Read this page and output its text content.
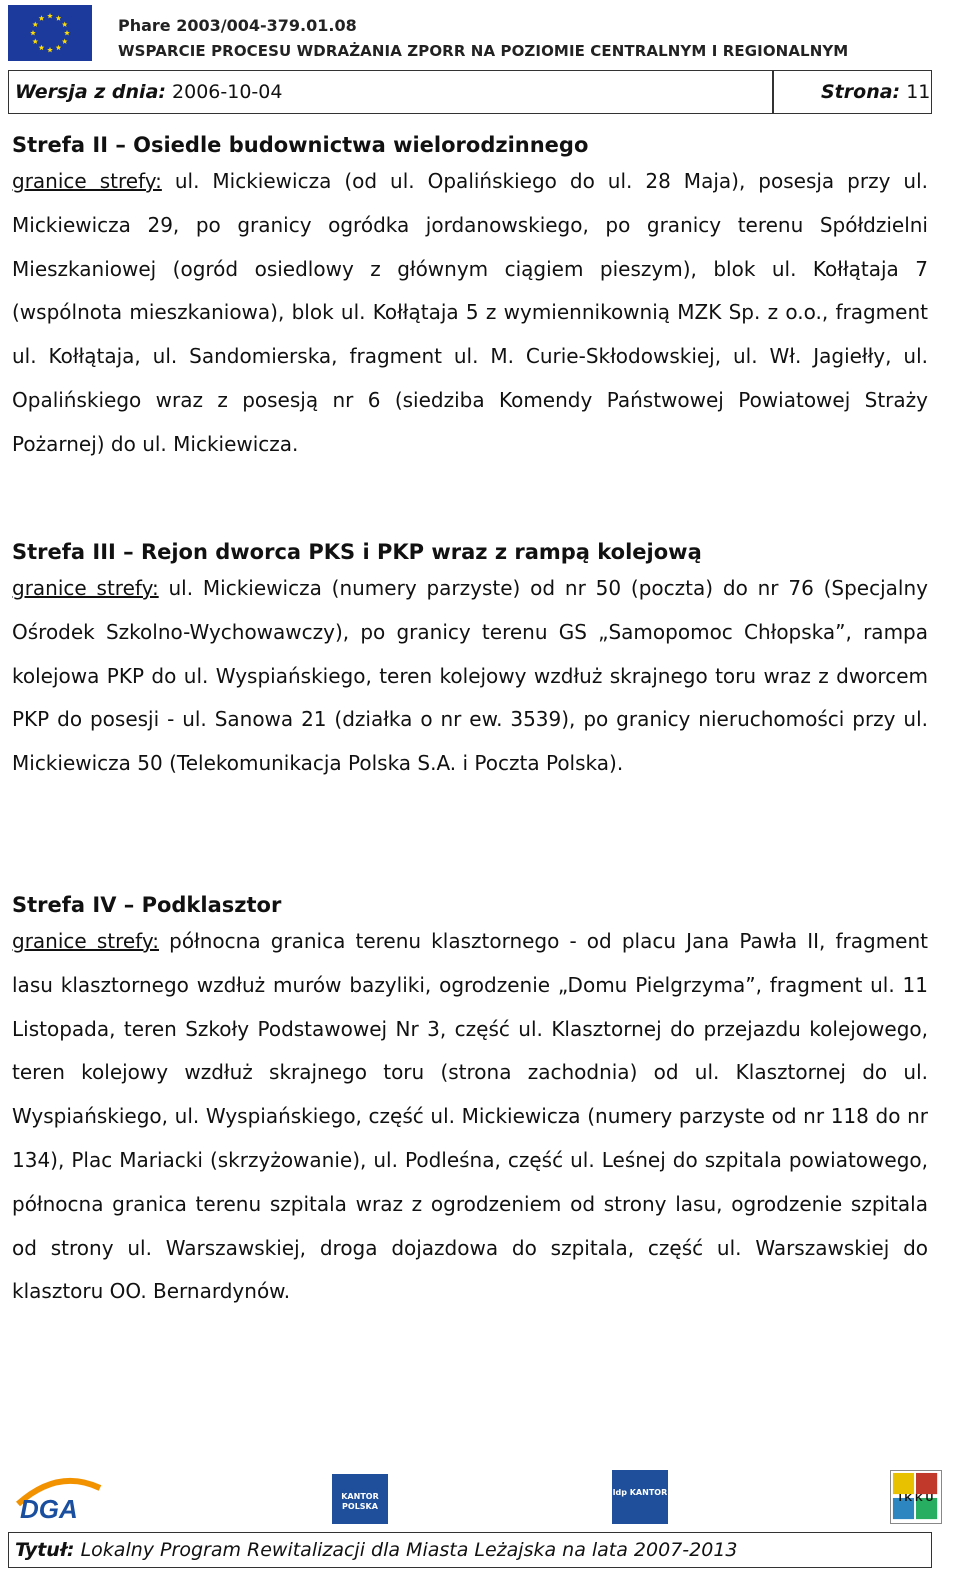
Phare 2003/004-379.01.08
WSPARCIE PROCESU WDRAŻANIA ZPORR NA POZIOMIE CENTRALNYM I REGIONALNYM
Wersja z dnia: 2006-10-04	Strona: 11
Strefa II – Osiedle budownictwa wielorodzinnego

granice strefy: ul. Mickiewicza (od ul. Opalińskiego do ul. 28 Maja), posesja przy ul. Mickiewicza 29, po granicy ogródka jordanowskiego, po granicy terenu Spółdzielni Mieszkaniowej (ogród osiedlowy z głównym ciągiem pieszym), blok ul. Kołłątaja 7 (wspólnota mieszkaniowa), blok ul. Kołłątaja 5 z wymiennikownią MZK Sp. z o.o., fragment ul. Kołłątaja, ul. Sandomierska, fragment ul. M. Curie-Skłodowskiej, ul. Wł. Jagiełły, ul. Opalińskiego wraz z posesją nr 6 (siedziba Komendy Państwowej Powiatowej Straży Pożarnej) do ul. Mickiewicza.

Strefa III – Rejon dworca PKS i PKP wraz z rampą kolejową

granice strefy: ul. Mickiewicza (numery parzyste) od nr 50 (poczta) do nr 76 (Specjalny Ośrodek Szkolno-Wychowawczy), po granicy terenu GS „Samopomoc Chłopska”, rampa kolejowa PKP do ul. Wyspiańskiego, teren kolejowy wzdłuż skrajnego toru wraz z dworcem PKP do posesji - ul. Sanowa 21 (działka o nr ew. 3539), po granicy nieruchomości przy ul. Mickiewicza 50 (Telekomunikacja Polska S.A. i Poczta Polska).

Strefa IV – Podklasztor

granice strefy: północna granica terenu klasztornego - od placu Jana Pawła II, fragment lasu klasztornego wzdłuż murów bazyliki, ogrodzenie „Domu Pielgrzyma”, fragment ul. 11 Listopada, teren Szkoły Podstawowej Nr 3, część ul. Klasztornej do przejazdu kolejowego, teren kolejowy wzdłuż skrajnego toru (strona zachodnia) od ul. Klasztornej do ul. Wyspiańskiego, ul. Wyspiańskiego, część ul. Mickiewicza (numery parzyste od nr 118 do nr 134), Plac Mariacki (skrzyżowanie), ul. Podleśna, część ul. Leśnej do szpitala powiatowego, północna granica terenu szpitala wraz z ogrodzeniem od strony lasu, ogrodzenie szpitala od strony ul. Warszawskiej, droga dojazdowa do szpitala, część ul. Warszawskiej do klasztoru OO. Bernardynów.

DGA	KANTOR
POLSKA
ldp KANTOR	I K K U
Tytuł: Lokalny Program Rewitalizacji dla Miasta Leżajska na lata 2007-2013
